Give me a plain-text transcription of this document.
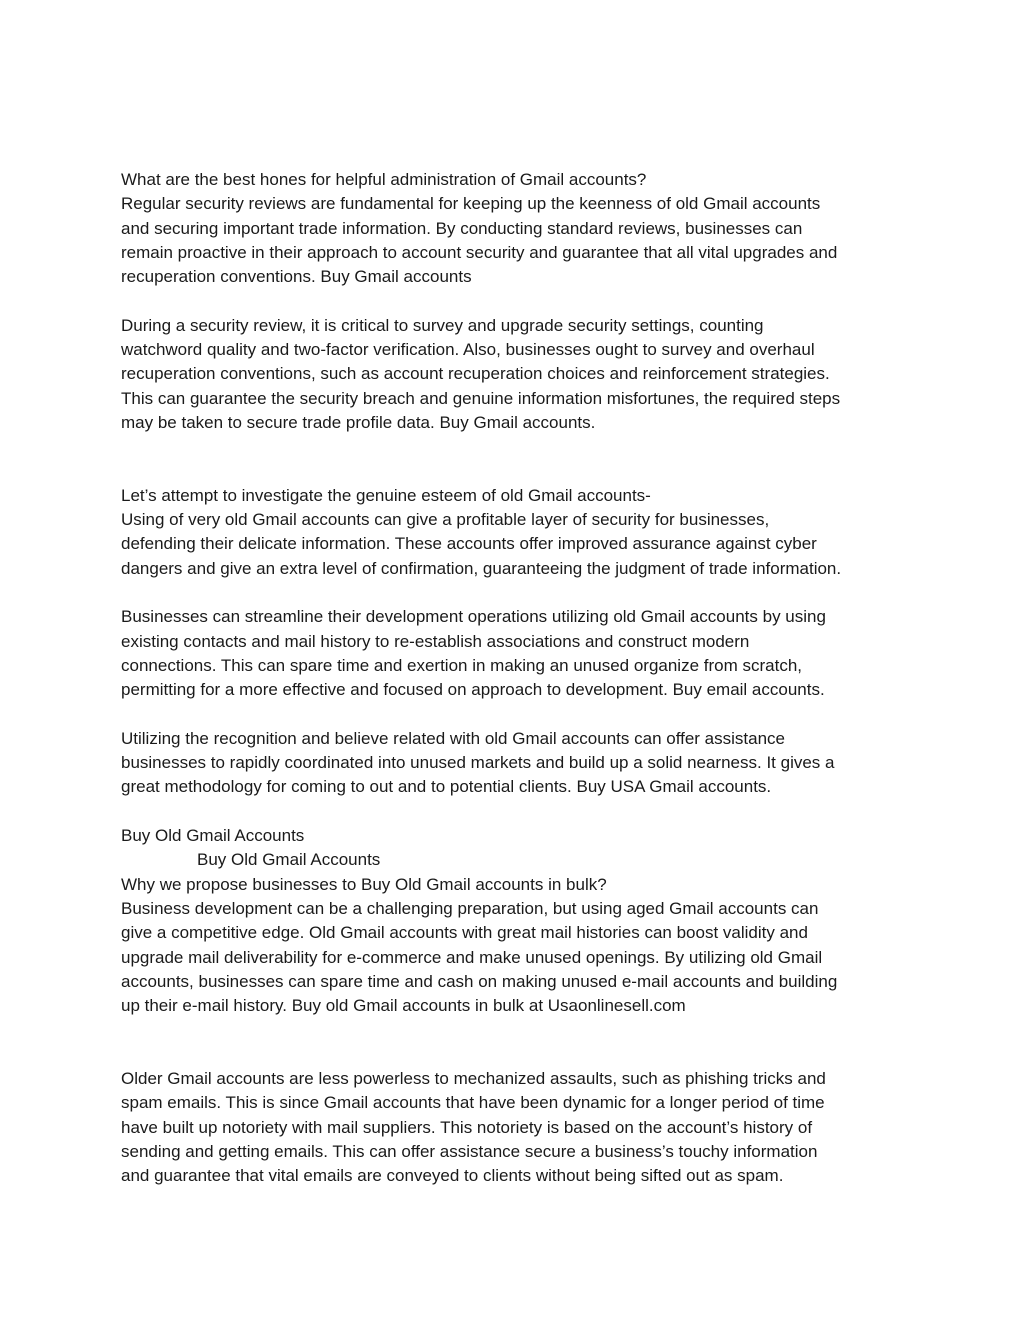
What are the best hones for helpful administration of Gmail accounts?
Regular security reviews are fundamental for keeping up the keenness of old Gmail accounts
and securing important trade information. By conducting standard reviews, businesses can
remain proactive in their approach to account security and guarantee that all vital upgrades and
recuperation conventions. Buy Gmail accounts
During a security review, it is critical to survey and upgrade security settings, counting
watchword quality and two-factor verification. Also, businesses ought to survey and overhaul
recuperation conventions, such as account recuperation choices and reinforcement strategies.
This can guarantee the security breach and genuine information misfortunes, the required steps
may be taken to secure trade profile data. Buy Gmail accounts.
Let’s attempt to investigate the genuine esteem of old Gmail accounts-
Using of very old Gmail accounts can give a profitable layer of security for businesses,
defending their delicate information. These accounts offer improved assurance against cyber
dangers and give an extra level of confirmation, guaranteeing the judgment of trade information.
Businesses can streamline their development operations utilizing old Gmail accounts by using
existing contacts and mail history to re-establish associations and construct modern
connections. This can spare time and exertion in making an unused organize from scratch,
permitting for a more effective and focused on approach to development. Buy email accounts.
Utilizing the recognition and believe related with old Gmail accounts can offer assistance
businesses to rapidly coordinated into unused markets and build up a solid nearness. It gives a
great methodology for coming to out and to potential clients. Buy USA Gmail accounts.
Buy Old Gmail Accounts
Buy Old Gmail Accounts
Why we propose businesses to Buy Old Gmail accounts in bulk?
Business development can be a challenging preparation, but using aged Gmail accounts can
give a competitive edge. Old Gmail accounts with great mail histories can boost validity and
upgrade mail deliverability for e-commerce and make unused openings. By utilizing old Gmail
accounts, businesses can spare time and cash on making unused e-mail accounts and building
up their e-mail history. Buy old Gmail accounts in bulk at Usaonlinesell.com
Older Gmail accounts are less powerless to mechanized assaults, such as phishing tricks and
spam emails. This is since Gmail accounts that have been dynamic for a longer period of time
have built up notoriety with mail suppliers. This notoriety is based on the account’s history of
sending and getting emails. This can offer assistance secure a business’s touchy information
and guarantee that vital emails are conveyed to clients without being sifted out as spam.
